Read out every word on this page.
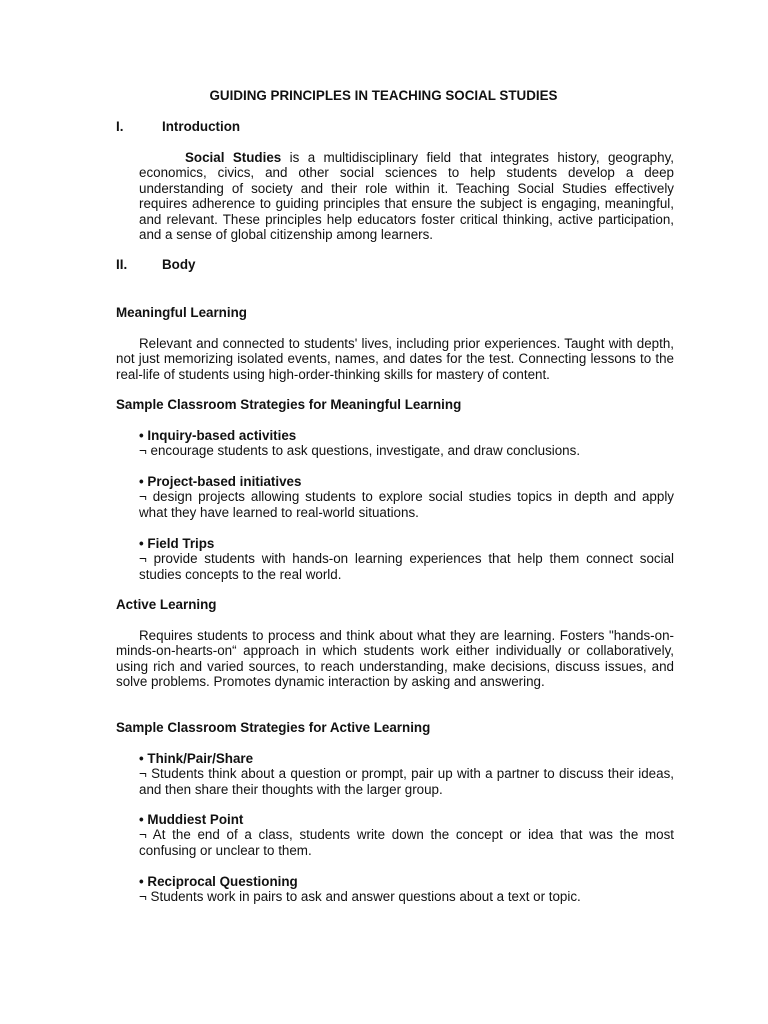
GUIDING PRINCIPLES IN TEACHING SOCIAL STUDIES

I.	Introduction

Social Studies is a multidisciplinary field that integrates history, geography, economics, civics, and other social sciences to help students develop a deep understanding of society and their role within it. Teaching Social Studies effectively requires adherence to guiding principles that ensure the subject is engaging, meaningful, and relevant. These principles help educators foster critical thinking, active participation, and a sense of global citizenship among learners.

II.	Body

Meaningful Learning

Relevant and connected to students' lives, including prior experiences. Taught with depth, not just memorizing isolated events, names, and dates for the test. Connecting lessons to the real-life of students using high-order-thinking skills for mastery of content.

Sample Classroom Strategies for Meaningful Learning

• Inquiry-based activities
¬ encourage students to ask questions, investigate, and draw conclusions.
• Project-based initiatives
¬ design projects allowing students to explore social studies topics in depth and apply what they have learned to real-world situations.
• Field Trips
¬ provide students with hands-on learning experiences that help them connect social studies concepts to the real world.

Active Learning

Requires students to process and think about what they are learning. Fosters "hands-on-minds-on-hearts-on“ approach in which students work either individually or collaboratively, using rich and varied sources, to reach understanding, make decisions, discuss issues, and solve problems. Promotes dynamic interaction by asking and answering.

Sample Classroom Strategies for Active Learning

• Think/Pair/Share
¬ Students think about a question or prompt, pair up with a partner to discuss their ideas, and then share their thoughts with the larger group.
• Muddiest Point
¬ At the end of a class, students write down the concept or idea that was the most confusing or unclear to them.
• Reciprocal Questioning
¬ Students work in pairs to ask and answer questions about a text or topic.
